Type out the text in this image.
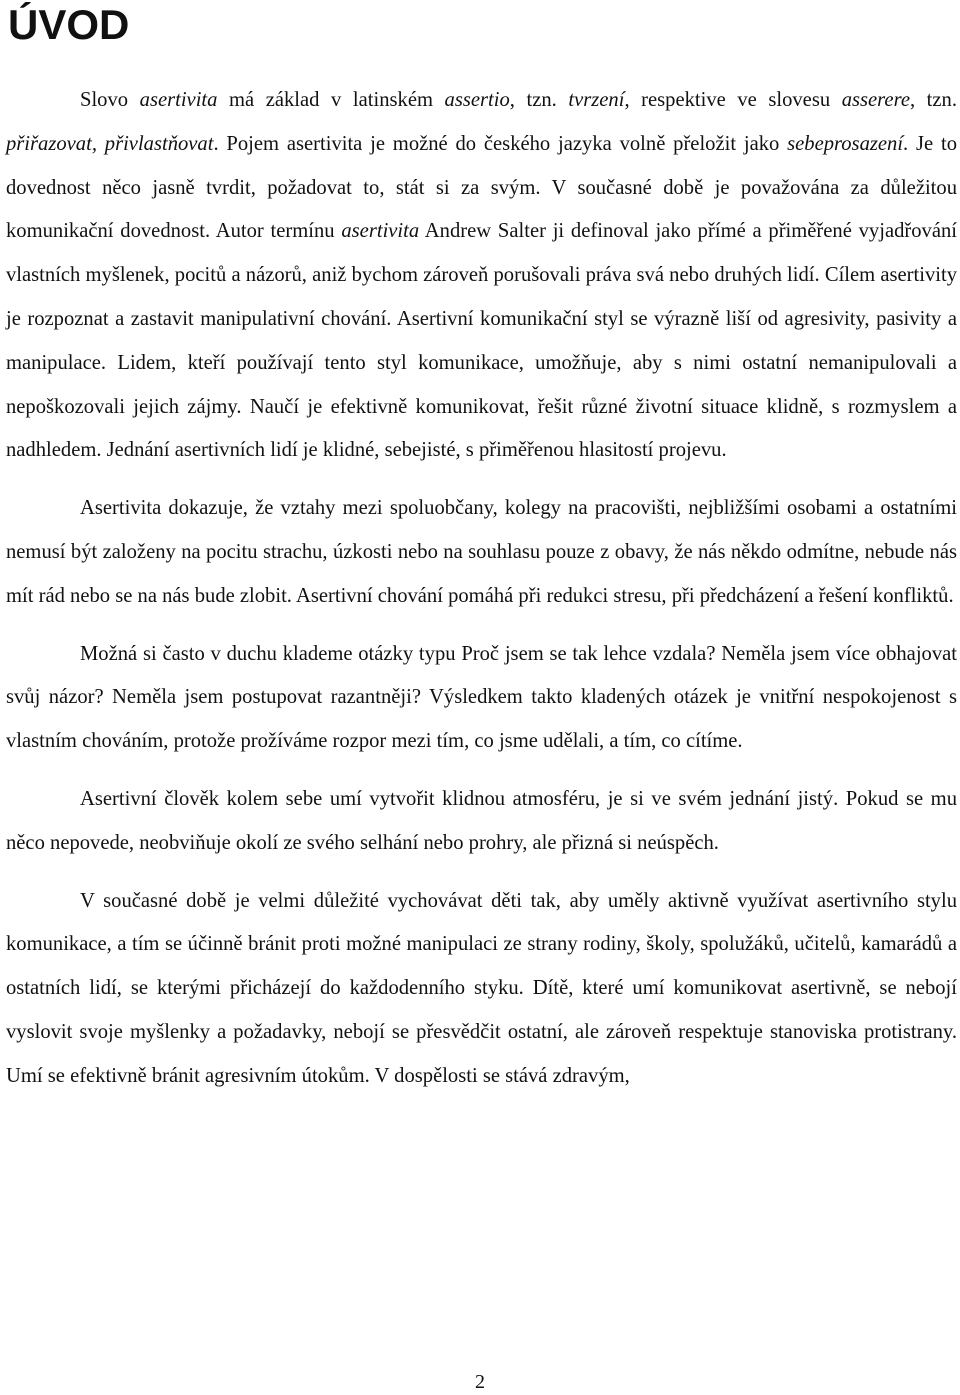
ÚVOD

Slovo asertivita má základ v latinském assertio, tzn. tvrzení, respektive ve slovesu asserere, tzn. přiřazovat, přivlastňovat. Pojem asertivita je možné do českého jazyka volně přeložit jako sebeprosazení. Je to dovednost něco jasně tvrdit, požadovat to, stát si za svým. V současné době je považována za důležitou komunikační dovednost. Autor termínu asertivita Andrew Salter ji definoval jako přímé a přiměřené vyjadřování vlastních myšlenek, pocitů a názorů, aniž bychom zároveň porušovali práva svá nebo druhých lidí. Cílem asertivity je rozpoznat a zastavit manipulativní chování. Asertivní komunikační styl se výrazně liší od agresivity, pasivity a manipulace. Lidem, kteří používají tento styl komunikace, umožňuje, aby s nimi ostatní nemanipulovali a nepoškozovali jejich zájmy. Naučí je efektivně komunikovat, řešit různé životní situace klidně, s rozmyslem a nadhledem. Jednání asertivních lidí je klidné, sebejisté, s přiměřenou hlasitostí projevu.

Asertivita dokazuje, že vztahy mezi spoluobčany, kolegy na pracovišti, nejbližšími osobami a ostatními nemusí být založeny na pocitu strachu, úzkosti nebo na souhlasu pouze z obavy, že nás někdo odmítne, nebude nás mít rád nebo se na nás bude zlobit. Asertivní chování pomáhá při redukci stresu, při předcházení a řešení konfliktů.

Možná si často v duchu klademe otázky typu Proč jsem se tak lehce vzdala? Neměla jsem více obhajovat svůj názor? Neměla jsem postupovat razantněji? Výsledkem takto kladených otázek je vnitřní nespokojenost s vlastním chováním, protože prožíváme rozpor mezi tím, co jsme udělali, a tím, co cítíme.

Asertivní člověk kolem sebe umí vytvořit klidnou atmosféru, je si ve svém jednání jistý. Pokud se mu něco nepovede, neobviňuje okolí ze svého selhání nebo prohry, ale přizná si neúspěch.

V současné době je velmi důležité vychovávat děti tak, aby uměly aktivně využívat asertivního stylu komunikace, a tím se účinně bránit proti možné manipulaci ze strany rodiny, školy, spolužáků, učitelů, kamarádů a ostatních lidí, se kterými přicházejí do každodenního styku. Dítě, které umí komunikovat asertivně, se nebojí vyslovit svoje myšlenky a požadavky, nebojí se přesvědčit ostatní, ale zároveň respektuje stanoviska protistrany. Umí se efektivně bránit agresivním útokům. V dospělosti se stává zdravým,

2
